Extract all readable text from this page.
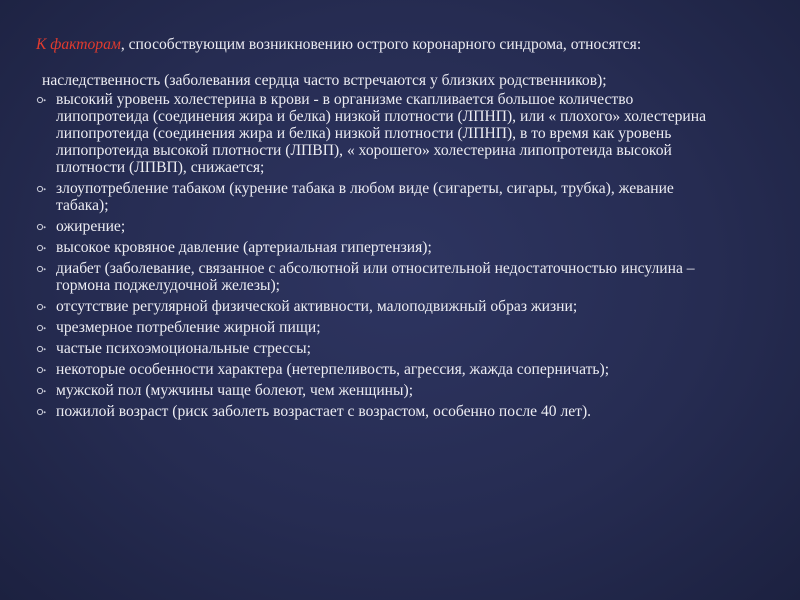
К факторам, способствующим возникновению острого коронарного синдрома, относятся:

наследственность (заболевания сердца часто встречаются у близких родственников);

высокий уровень холестерина в крови - в организме скапливается большое количество липопротеида (соединения жира и белка) низкой плотности (ЛПНП), или « плохого» холестерина липопротеида (соединения жира и белка) низкой плотности (ЛПНП), в то время как уровень липопротеида высокой плотности (ЛПВП), « хорошего» холестерина липопротеида высокой плотности (ЛПВП), снижается;
злоупотребление табаком (курение табака в любом виде (сигареты, сигары, трубка), жевание табака);
ожирение;
высокое кровяное давление (артериальная гипертензия);
диабет (заболевание, связанное с абсолютной или относительной недостаточностью инсулина – гормона поджелудочной железы);
отсутствие регулярной физической активности, малоподвижный образ жизни;
чрезмерное потребление жирной пищи;
частые психоэмоциональные стрессы;
некоторые особенности характера (нетерпеливость, агрессия, жажда соперничать);
мужской пол (мужчины чаще болеют, чем женщины);
пожилой возраст (риск заболеть возрастает с возрастом, особенно после 40 лет).
